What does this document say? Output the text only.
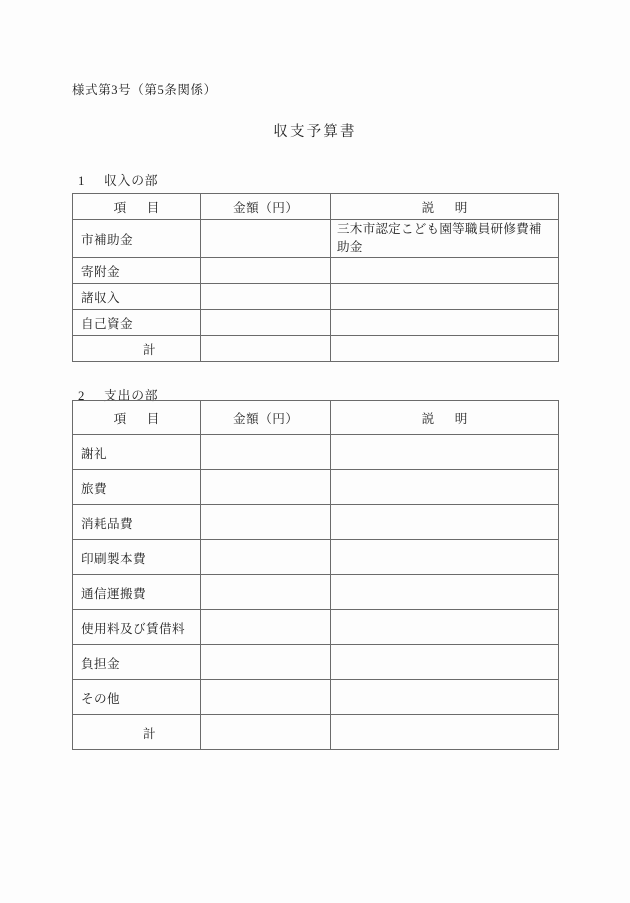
様式第3号（第5条関係）
収支予算書
1 収入の部
項　目	金額（円）	説　明

市補助金		三木市認定こども園等職員研修費補助金

寄附金		

諸収入		

自己資金		

計	

2 支出の部
項　目	金額（円）	説　明

謝礼		

旅費		

消耗品費		

印刷製本費		

通信運搬費		

使用料及び賃借料		

負担金		

その他		

計	
